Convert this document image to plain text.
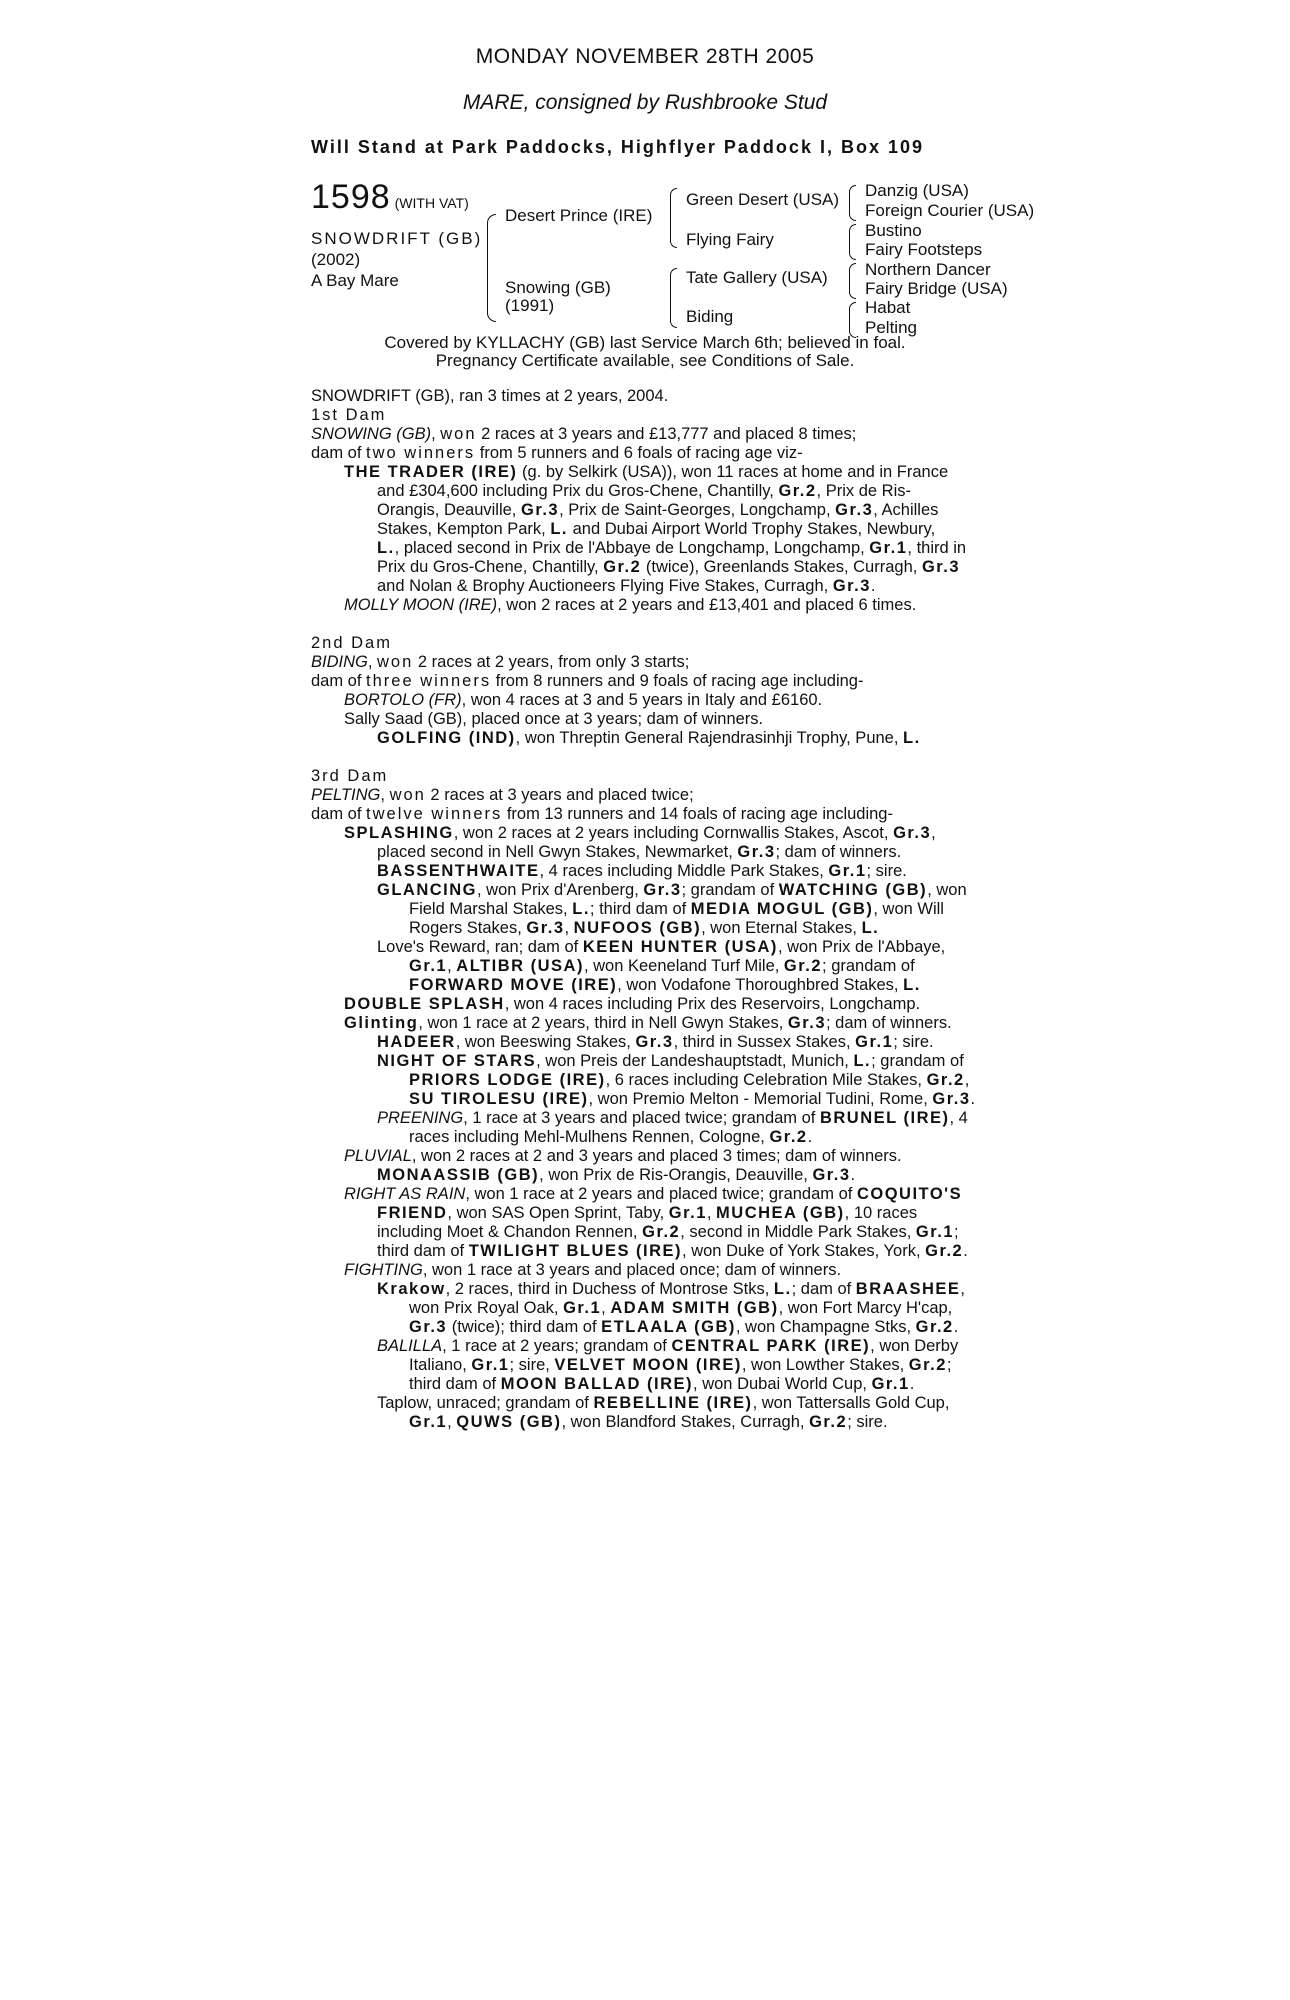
MONDAY NOVEMBER 28TH 2005
MARE, consigned by Rushbrooke Stud
Will Stand at Park Paddocks, Highflyer Paddock I, Box 109
1598 (WITH VAT)
SNOWDRIFT (GB)
(2002)
A Bay Mare
Desert Prince (IRE)
Snowing (GB)
(1991)
Green Desert (USA)
Flying Fairy
Tate Gallery (USA)
Biding
Danzig (USA)
Foreign Courier (USA)
Bustino
Fairy Footsteps
Northern Dancer
Fairy Bridge (USA)
Habat
Pelting
Covered by KYLLACHY (GB) last Service March 6th; believed in foal.
Pregnancy Certificate available, see Conditions of Sale.
SNOWDRIFT (GB), ran 3 times at 2 years, 2004.
1st Dam
SNOWING (GB), won 2 races at 3 years and £13,777 and placed 8 times;
dam of two winners from 5 runners and 6 foals of racing age viz-
THE TRADER (IRE) (g. by Selkirk (USA)), won 11 races at home and in France
and £304,600 including Prix du Gros-Chene, Chantilly, Gr.2, Prix de Ris-
Orangis, Deauville, Gr.3, Prix de Saint-Georges, Longchamp, Gr.3, Achilles
Stakes, Kempton Park, L. and Dubai Airport World Trophy Stakes, Newbury,
L., placed second in Prix de l'Abbaye de Longchamp, Longchamp, Gr.1, third in
Prix du Gros-Chene, Chantilly, Gr.2 (twice), Greenlands Stakes, Curragh, Gr.3
and Nolan & Brophy Auctioneers Flying Five Stakes, Curragh, Gr.3.
MOLLY MOON (IRE), won 2 races at 2 years and £13,401 and placed 6 times.
2nd Dam
BIDING, won 2 races at 2 years, from only 3 starts;
dam of three winners from 8 runners and 9 foals of racing age including-
BORTOLO (FR), won 4 races at 3 and 5 years in Italy and £6160.
Sally Saad (GB), placed once at 3 years; dam of winners.
GOLFING (IND), won Threptin General Rajendrasinhji Trophy, Pune, L.
3rd Dam
PELTING, won 2 races at 3 years and placed twice;
dam of twelve winners from 13 runners and 14 foals of racing age including-
SPLASHING, won 2 races at 2 years including Cornwallis Stakes, Ascot, Gr.3,
placed second in Nell Gwyn Stakes, Newmarket, Gr.3; dam of winners.
BASSENTHWAITE, 4 races including Middle Park Stakes, Gr.1; sire.
GLANCING, won Prix d'Arenberg, Gr.3; grandam of WATCHING (GB), won
Field Marshal Stakes, L.; third dam of MEDIA MOGUL (GB), won Will
Rogers Stakes, Gr.3, NUFOOS (GB), won Eternal Stakes, L.
Love's Reward, ran; dam of KEEN HUNTER (USA), won Prix de l'Abbaye,
Gr.1, ALTIBR (USA), won Keeneland Turf Mile, Gr.2; grandam of
FORWARD MOVE (IRE), won Vodafone Thoroughbred Stakes, L.
DOUBLE SPLASH, won 4 races including Prix des Reservoirs, Longchamp.
Glinting, won 1 race at 2 years, third in Nell Gwyn Stakes, Gr.3; dam of winners.
HADEER, won Beeswing Stakes, Gr.3, third in Sussex Stakes, Gr.1; sire.
NIGHT OF STARS, won Preis der Landeshauptstadt, Munich, L.; grandam of
PRIORS LODGE (IRE), 6 races including Celebration Mile Stakes, Gr.2,
SU TIROLESU (IRE), won Premio Melton - Memorial Tudini, Rome, Gr.3.
PREENING, 1 race at 3 years and placed twice; grandam of BRUNEL (IRE), 4
races including Mehl-Mulhens Rennen, Cologne, Gr.2.
PLUVIAL, won 2 races at 2 and 3 years and placed 3 times; dam of winners.
MONAASSIB (GB), won Prix de Ris-Orangis, Deauville, Gr.3.
RIGHT AS RAIN, won 1 race at 2 years and placed twice; grandam of COQUITO'S
FRIEND, won SAS Open Sprint, Taby, Gr.1, MUCHEA (GB), 10 races
including Moet & Chandon Rennen, Gr.2, second in Middle Park Stakes, Gr.1;
third dam of TWILIGHT BLUES (IRE), won Duke of York Stakes, York, Gr.2.
FIGHTING, won 1 race at 3 years and placed once; dam of winners.
Krakow, 2 races, third in Duchess of Montrose Stks, L.; dam of BRAASHEE,
won Prix Royal Oak, Gr.1, ADAM SMITH (GB), won Fort Marcy H'cap,
Gr.3 (twice); third dam of ETLAALA (GB), won Champagne Stks, Gr.2.
BALILLA, 1 race at 2 years; grandam of CENTRAL PARK (IRE), won Derby
Italiano, Gr.1; sire, VELVET MOON (IRE), won Lowther Stakes, Gr.2;
third dam of MOON BALLAD (IRE), won Dubai World Cup, Gr.1.
Taplow, unraced; grandam of REBELLINE (IRE), won Tattersalls Gold Cup,
Gr.1, QUWS (GB), won Blandford Stakes, Curragh, Gr.2; sire.
